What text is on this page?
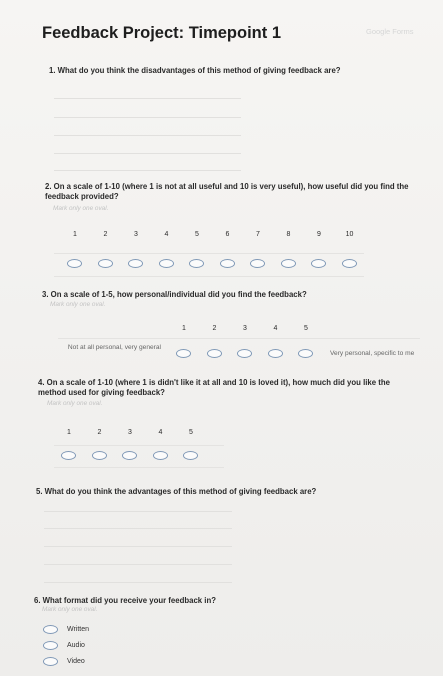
Feedback Project: Timepoint 1	Google Forms
1. What do you think the disadvantages of this method of giving feedback are?
2. On a scale of 1-10 (where 1 is not at all useful and 10 is very useful), how useful did you find the feedback provided?
Mark only one oval.
3. On a scale of 1-5, how personal/individual did you find the feedback?
Mark only one oval.
Not at all personal, very general
Very personal, specific to me
4. On a scale of 1-10 (where 1 is didn't like it at all and 10 is loved it), how much did you like the method used for giving feedback?
Mark only one oval.
5. What do you think the advantages of this method of giving feedback are?
6. What format did you receive your feedback in?
Mark only one oval.
Written
Audio
Video
1	2	3	4	5	6	7	8	9	10
1	2	3	4	5
1	2	3	4	5
